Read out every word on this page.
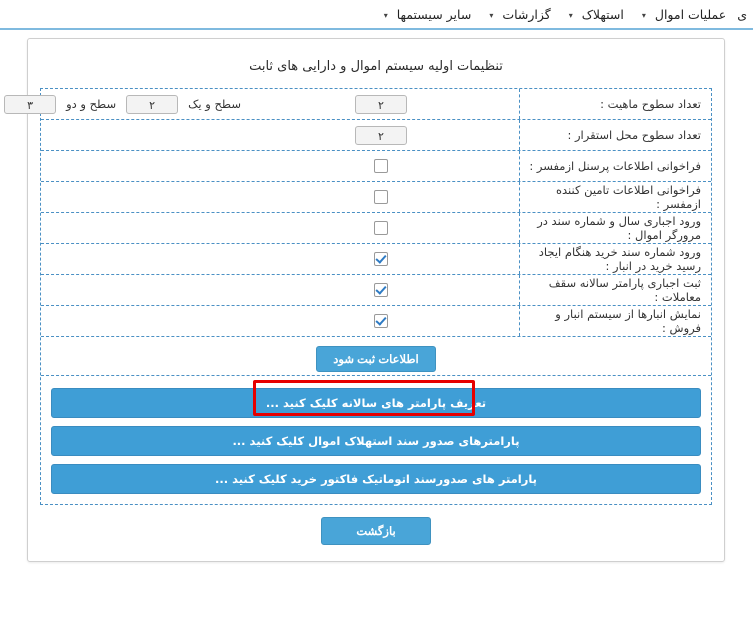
ی
عملیات اموال ▾
استهلاک ▾
گزارشات ▾
سایر سیستمها ▾
تنظیمات اولیه سیستم اموال و دارایی های ثابت
تعداد سطوح ماهیت :
۲
سطح و یک
۲
سطح و دو
۳
تعداد سطوح محل استقرار :
۲
فراخوانی اطلاعات پرسنل ازمفسر :
فراخوانی اطلاعات تامین کننده ازمفسر :
ورود اجباری سال و شماره سند در مرورگر اموال :
ورود شماره سند خرید هنگام ایجاد رسید خرید در انبار :
ثبت اجباری پارامتر سالانه سقف معاملات :
نمایش انبارها از سیستم انبار و فروش :
اطلاعات ثبت شود
تعریف پارامتر های سالانه کلیک کنید ...
پارامترهای صدور سند استهلاک اموال کلیک کنید ...
پارامتر های صدورسند اتوماتیک فاکتور خرید کلیک کنید ...
بازگشت
